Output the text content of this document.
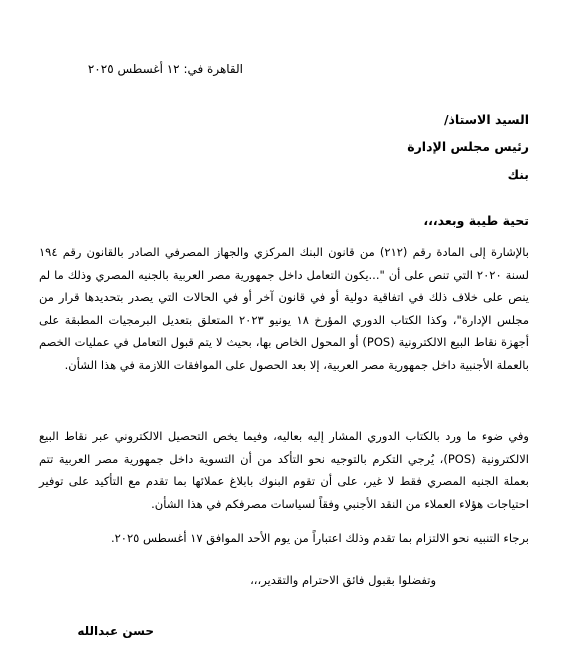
القاهرة في: ١٢ أغسطس ٢٠٢٥
السيد الاستاذ/
رئيس مجلس الإدارة
بنك
تحية طيبة وبعد،،،
بالإشارة إلى المادة رقم (٢١٢) من قانون البنك المركزي والجهاز المصرفي الصادر بالقانون رقم ١٩٤ لسنة ٢٠٢٠ التي تنص على أن "...يكون التعامل داخل جمهورية مصر العربية بالجنيه المصري وذلك ما لم ينص على خلاف ذلك في اتفاقية دولية أو في قانون آخر أو في الحالات التي يصدر بتحديدها قرار من مجلس الإدارة"، وكذا الكتاب الدوري المؤرخ ١٨ يونيو ٢٠٢٣ المتعلق بتعديل البرمجيات المطبقة على أجهزة نقاط البيع الالكترونية (POS) أو المحول الخاص بها، بحيث لا يتم قبول التعامل في عمليات الخصم بالعملة الأجنبية داخل جمهورية مصر العربية، إلا بعد الحصول على الموافقات اللازمة في هذا الشأن.
وفي ضوء ما ورد بالكتاب الدوري المشار إليه بعاليه، وفيما يخص التحصيل الالكتروني عبر نقاط البيع الالكترونية (POS)، يُرجي التكرم بالتوجيه نحو التأكد من أن التسوية داخل جمهورية مصر العربية تتم بعملة الجنيه المصري فقط لا غير، على أن تقوم البنوك بابلاغ عملائها بما تقدم مع التأكيد على توفير احتياجات هؤلاء العملاء من النقد الأجنبي وفقاً لسياسات مصرفكم في هذا الشأن.
برجاء التنبيه نحو الالتزام بما تقدم وذلك اعتباراً من يوم الأحد الموافق ١٧ أغسطس ٢٠٢٥.
وتفضلوا بقبول فائق الاحترام والتقدير،،،
حسن عبدالله
